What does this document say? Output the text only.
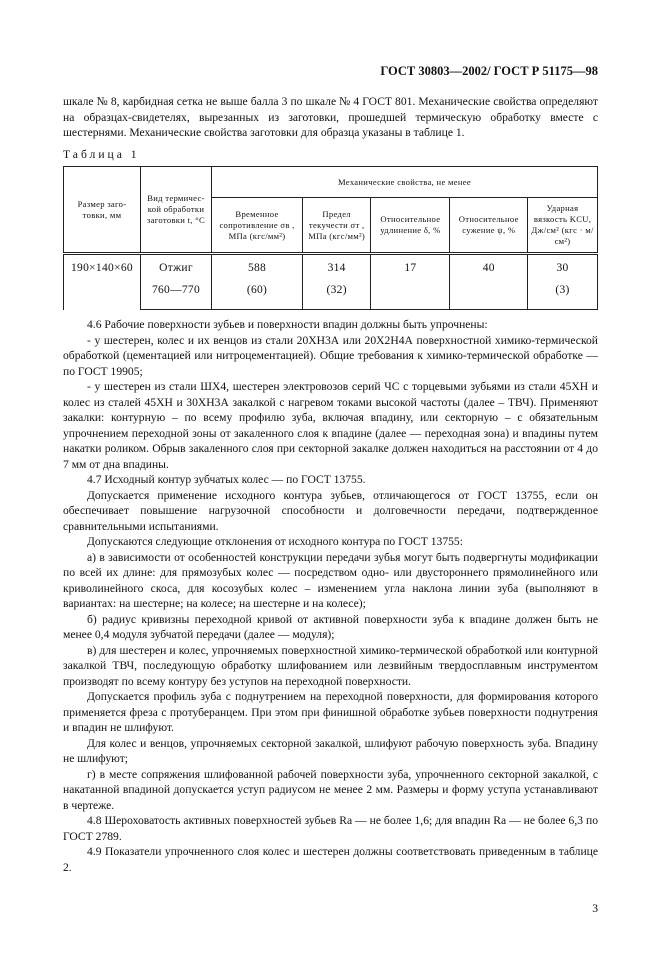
ГОСТ 30803—2002/ ГОСТ Р 51175—98

шкале № 8, карбидная сетка не выше балла 3 по шкале № 4 ГОСТ 801. Механические свойства определяют на образцах-свидетелях, вырезанных из заготовки, прошедшей термическую обработку вместе с шестернями. Механические свойства заготовки для образца указаны в таблице 1.

Таблица 1

Размер заго-товки, мм	Вид термичес-кой обработки заготовки t, °С	Механические свойства, не менее				
		Временное сопротивление σв , МПа (кгс/мм²)	Предел текучести σт , МПа (кгс/мм²)	Относительное удлинение δ, %	Относительное сужение ψ, %	Ударная вязкость KCU, Дж/см² (кгс · м/см²)
190×140×60	Отжиг	588	314	17	40	30
	760—770	(60)	(32)			(3)

4.6 Рабочие поверхности зубьев и поверхности впадин должны быть упрочнены:

- у шестерен, колес и их венцов из стали 20ХН3А или 20Х2Н4А поверхностной химико-термической обработкой (цементацией или нитроцементацией). Общие требования к химико-термической обработке — по ГОСТ 19905;

- у шестерен из стали ШХ4, шестерен электровозов серий ЧС с торцевыми зубьями из стали 45ХН и колес из сталей 45ХН и 30ХН3А закалкой с нагревом токами высокой частоты (далее – ТВЧ). Применяют закалки: контурную – по всему профилю зуба, включая впадину, или секторную – с обязательным упрочнением переходной зоны от закаленного слоя к впадине (далее — переходная зона) и впадины путем накатки роликом. Обрыв закаленного слоя при секторной закалке должен находиться на расстоянии от 4 до 7 мм от дна впадины.

4.7 Исходный контур зубчатых колес — по ГОСТ 13755.

Допускается применение исходного контура зубьев, отличающегося от ГОСТ 13755, если он обеспечивает повышение нагрузочной способности и долговечности передачи, подтвержденное сравнительными испытаниями.

Допускаются следующие отклонения от исходного контура по ГОСТ 13755:

а) в зависимости от особенностей конструкции передачи зубья могут быть подвергнуты модификации по всей их длине: для прямозубых колес — посредством одно- или двустороннего прямолинейного или криволинейного скоса, для косозубых колес – изменением угла наклона линии зуба (выполняют в вариантах: на шестерне; на колесе; на шестерне и на колесе);

б) радиус кривизны переходной кривой от активной поверхности зуба к впадине должен быть не менее 0,4 модуля зубчатой передачи (далее — модуля);

в) для шестерен и колес, упрочняемых поверхностной химико-термической обработкой или контурной закалкой ТВЧ, последующую обработку шлифованием или лезвийным твердосплавным инструментом производят по всему контуру без уступов на переходной поверхности.

Допускается профиль зуба с поднутрением на переходной поверхности, для формирования которого применяется фреза с протуберанцем. При этом при финишной обработке зубьев поверхности поднутрения и впадин не шлифуют.

Для колес и венцов, упрочняемых секторной закалкой, шлифуют рабочую поверхность зуба. Впадину не шлифуют;

г) в месте сопряжения шлифованной рабочей поверхности зуба, упрочненного секторной закалкой, с накатанной впадиной допускается уступ радиусом не менее 2 мм. Размеры и форму уступа устанавливают в чертеже.

4.8 Шероховатость активных поверхностей зубьев Ra — не более 1,6; для впадин Ra — не более 6,3 по ГОСТ 2789.

4.9 Показатели упрочненного слоя колес и шестерен должны соответствовать приведенным в таблице 2.

3
